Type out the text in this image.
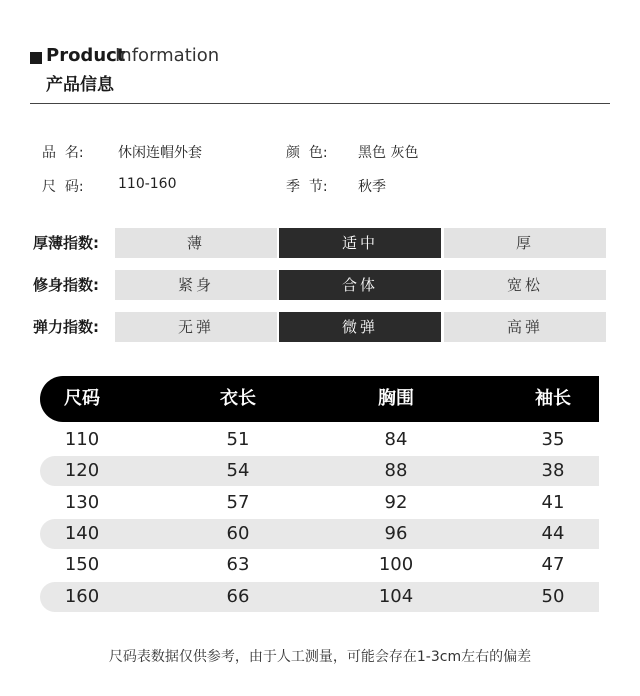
Product
Information
产品信息
品  名: 休闲连帽外套	颜  色: 黑色 灰色
尺  码: 110-160	季  节: 秋季
厚薄指数:	薄	适中	厚
修身指数:	紧身	合体	宽松
弹力指数:	无弹	微弹	高弹
尺码	衣长	胸围	袖长
110	51	84	35
120	54	88	38
130	57	92	41
140	60	96	44
150	63	100	47
160	66	104	50
尺码表数据仅供参考，由于人工测量，可能会存在1-3cm左右的偏差
